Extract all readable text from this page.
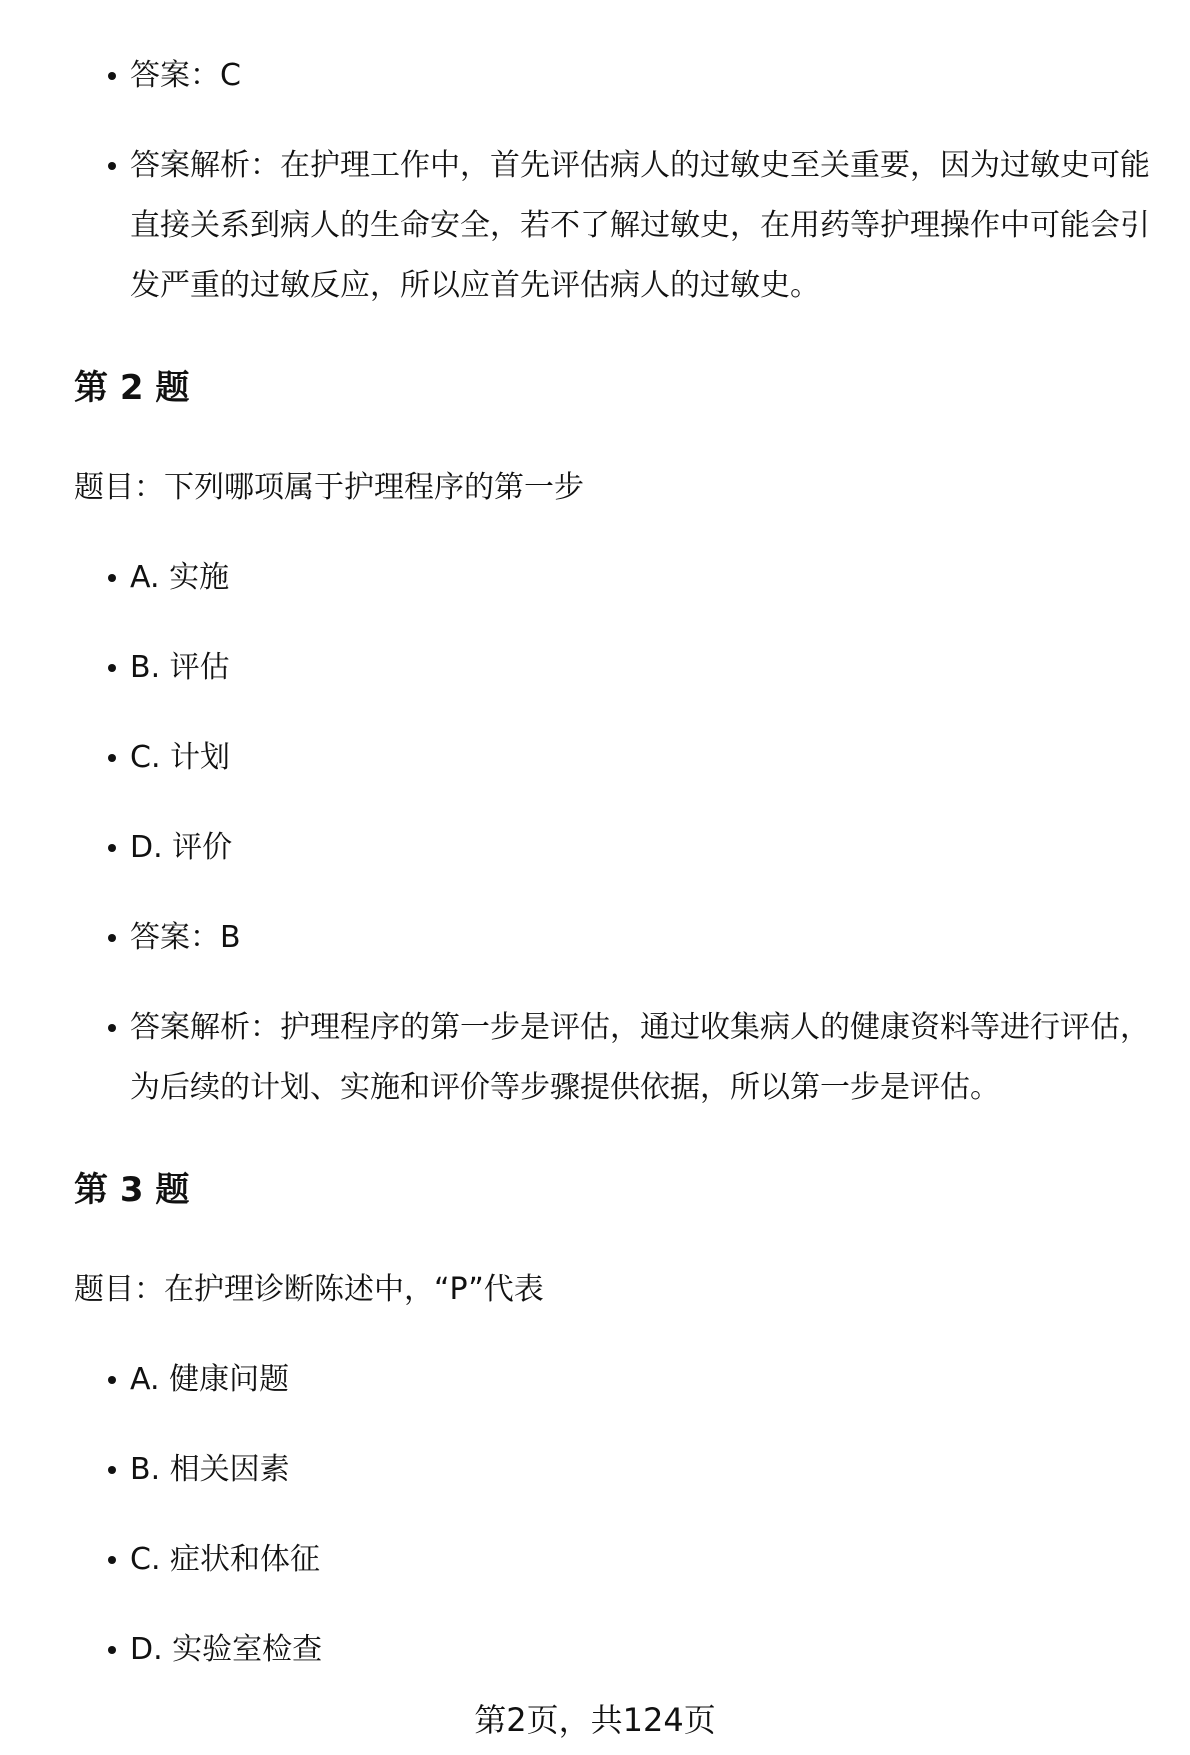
答案：C
答案解析：在护理工作中，首先评估病人的过敏史至关重要，因为过敏史可能直接关系到病人的生命安全，若不了解过敏史，在用药等护理操作中可能会引发严重的过敏反应，所以应首先评估病人的过敏史。
第 2 题
题目：下列哪项属于护理程序的第一步
A. 实施
B. 评估
C. 计划
D. 评价
答案：B
答案解析：护理程序的第一步是评估，通过收集病人的健康资料等进行评估，为后续的计划、实施和评价等步骤提供依据，所以第一步是评估。
第 3 题
题目：在护理诊断陈述中，“P”代表
A. 健康问题
B. 相关因素
C. 症状和体征
D. 实验室检查
第2页，共124页
